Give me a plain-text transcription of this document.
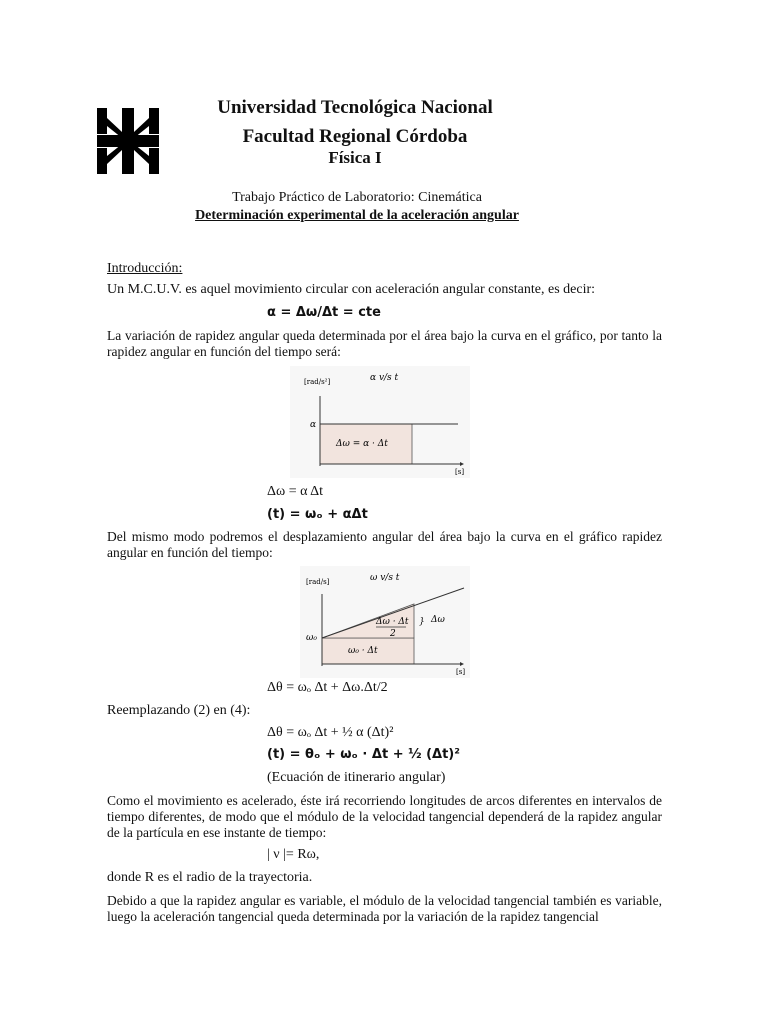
Universidad Tecnológica Nacional
Facultad Regional Córdoba
Física I
Trabajo Práctico de Laboratorio: Cinemática
Determinación experimental de la aceleración angular
Introducción:
Un M.C.U.V. es aquel movimiento circular con aceleración angular constante, es decir:
α = Δω/Δt = cte
La variación de rapidez angular queda determinada por el área bajo la curva en el gráfico, por tanto la rapidez angular en función del tiempo será:
α v/s t
[rad/s²]
α
[s]
Δω = α · Δt
Δω = α Δt
(t) = ωₒ + αΔt
Del mismo modo podremos el desplazamiento angular del área bajo la curva en el gráfico rapidez angular en función del tiempo:
ω v/s t
[rad/s]
ω₀
[s]
Δω · Δt
2
ω₀ · Δt
} Δω
Δθ = ωₒ Δt + Δω.Δt/2
Reemplazando (2) en (4):
Δθ = ωₒ Δt + ½ α (Δt)²
(t) = θₒ + ωₒ · Δt + ½ (Δt)²
(Ecuación de itinerario angular)
Como el movimiento es acelerado, éste irá recorriendo longitudes de arcos diferentes en intervalos de tiempo diferentes, de modo que el módulo de la velocidad tangencial dependerá de la rapidez angular de la partícula en ese instante de tiempo:
| ν |= Rω,
donde R es el radio de la trayectoria.
Debido a que la rapidez angular es variable, el módulo de la velocidad tangencial también es variable, luego la aceleración tangencial queda determinada por la variación de la rapidez tangencial
